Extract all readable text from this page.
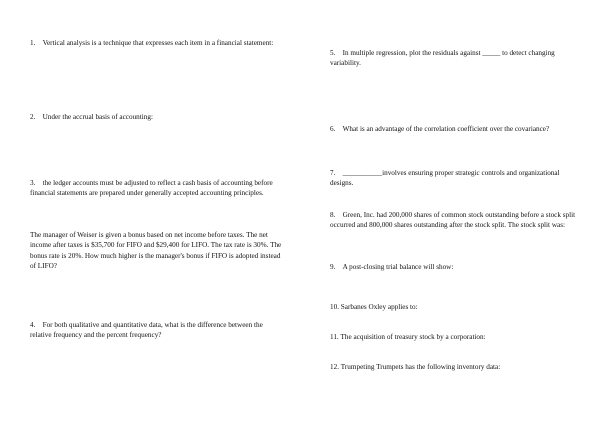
1. Vertical analysis is a technique that expresses each item in a financial statement:

2. Under the accrual basis of accounting:

3. the ledger accounts must be adjusted to reflect a cash basis of accounting before financial statements are prepared under generally accepted accounting principles.

The manager of Weiser is given a bonus based on net income before taxes. The net income after taxes is $35,700 for FIFO and $29,400 for LIFO. The tax rate is 30%. The bonus rate is 20%. How much higher is the manager's bonus if FIFO is adopted instead of LIFO?

4. For both qualitative and quantitative data, what is the difference between the relative frequency and the percent frequency?

5. In multiple regression, plot the residuals against _____ to detect changing variability.

6. What is an advantage of the correlation coefficient over the covariance?

7. ___________involves ensuring proper strategic controls and organizational designs.

8. Green, Inc. had 200,000 shares of common stock outstanding before a stock split occurred and 800,000 shares outstanding after the stock split. The stock split was:

9. A post-closing trial balance will show:

10. Sarbanes Oxley applies to:

11. The acquisition of treasury stock by a corporation:

12. Trumpeting Trumpets has the following inventory data:
